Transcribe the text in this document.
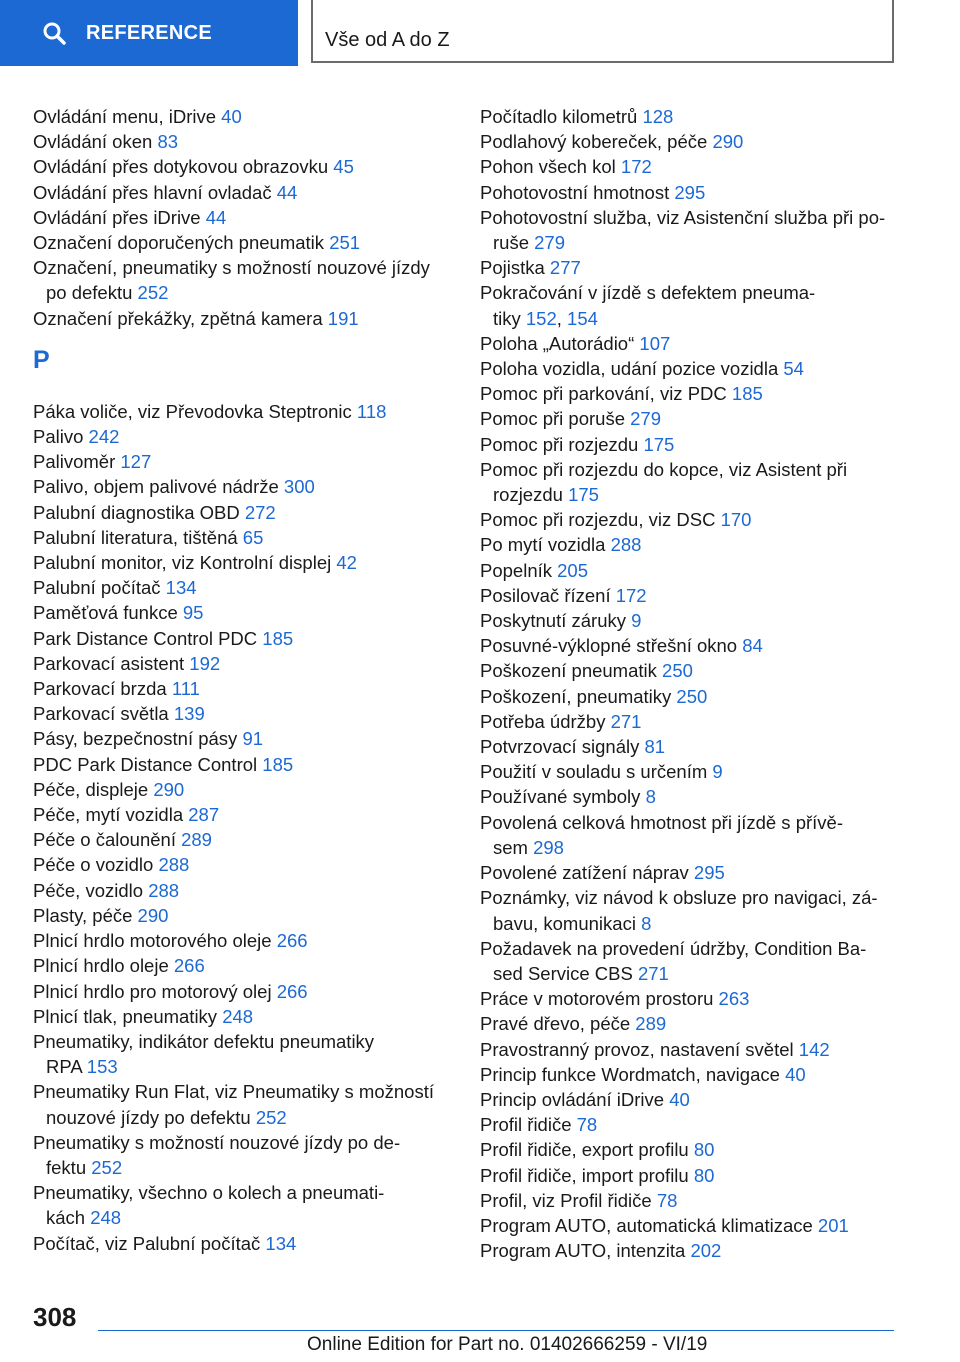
REFERENCE	Vše od A do Z
Ovládání menu, iDrive 40
Ovládání oken 83
Ovládání přes dotykovou obrazovku 45
Ovládání přes hlavní ovladač 44
Ovládání přes iDrive 44
Označení doporučených pneumatik 251
Označení, pneumatiky s možností nouzové jízdy
po defektu 252
Označení překážky, zpětná kamera 191
P
Páka voliče, viz Převodovka Steptronic 118
Palivo 242
Palivoměr 127
Palivo, objem palivové nádrže 300
Palubní diagnostika OBD 272
Palubní literatura, tištěná 65
Palubní monitor, viz Kontrolní displej 42
Palubní počítač 134
Paměťová funkce 95
Park Distance Control PDC 185
Parkovací asistent 192
Parkovací brzda 111
Parkovací světla 139
Pásy, bezpečnostní pásy 91
PDC Park Distance Control 185
Péče, displeje 290
Péče, mytí vozidla 287
Péče o čalounění 289
Péče o vozidlo 288
Péče, vozidlo 288
Plasty, péče 290
Plnicí hrdlo motorového oleje 266
Plnicí hrdlo oleje 266
Plnicí hrdlo pro motorový olej 266
Plnicí tlak, pneumatiky 248
Pneumatiky, indikátor defektu pneumatiky
RPA 153
Pneumatiky Run Flat, viz Pneumatiky s možností
nouzové jízdy po defektu 252
Pneumatiky s možností nouzové jízdy po de‐
fektu 252
Pneumatiky, všechno o kolech a pneumati‐
kách 248
Počítač, viz Palubní počítač 134
Počítadlo kilometrů 128
Podlahový kobereček, péče 290
Pohon všech kol 172
Pohotovostní hmotnost 295
Pohotovostní služba, viz Asistenční služba při po‐
ruše 279
Pojistka 277
Pokračování v jízdě s defektem pneuma‐
tiky 152, 154
Poloha „Autorádio“ 107
Poloha vozidla, udání pozice vozidla 54
Pomoc při parkování, viz PDC 185
Pomoc při poruše 279
Pomoc při rozjezdu 175
Pomoc při rozjezdu do kopce, viz Asistent při
rozjezdu 175
Pomoc při rozjezdu, viz DSC 170
Po mytí vozidla 288
Popelník 205
Posilovač řízení 172
Poskytnutí záruky 9
Posuvné-výklopné střešní okno 84
Poškození pneumatik 250
Poškození, pneumatiky 250
Potřeba údržby 271
Potvrzovací signály 81
Použití v souladu s určením 9
Používané symboly 8
Povolená celková hmotnost při jízdě s přívě‐
sem 298
Povolené zatížení náprav 295
Poznámky, viz návod k obsluze pro navigaci, zá‐
bavu, komunikaci 8
Požadavek na provedení údržby, Condition Ba‐
sed Service CBS 271
Práce v motorovém prostoru 263
Pravé dřevo, péče 289
Pravostranný provoz, nastavení světel 142
Princip funkce Wordmatch, navigace 40
Princip ovládání iDrive 40
Profil řidiče 78
Profil řidiče, export profilu 80
Profil řidiče, import profilu 80
Profil, viz Profil řidiče 78
Program AUTO, automatická klimatizace 201
Program AUTO, intenzita 202
308
Online Edition for Part no. 01402666259 - VI/19
